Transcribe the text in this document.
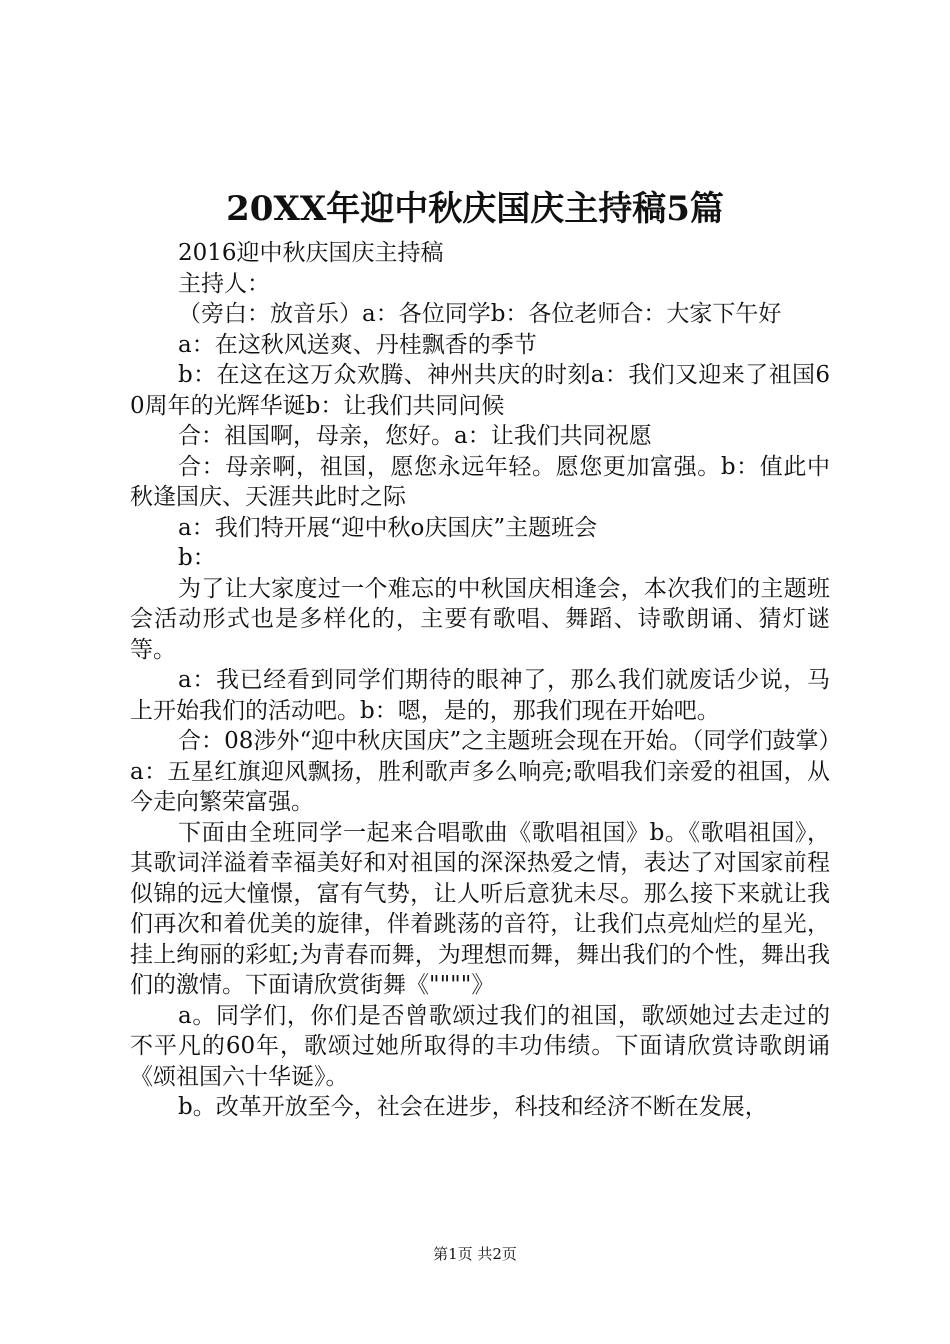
20XX年迎中秋庆国庆主持稿5篇

2016迎中秋庆国庆主持稿

主持人：

（旁白：放音乐）a：各位同学b：各位老师合：大家下午好

a：在这秋风送爽、丹桂飘香的季节

b：在这在这万众欢腾、神州共庆的时刻a：我们又迎来了祖国60周年的光辉华诞b：让我们共同问候

合：祖国啊，母亲，您好。a：让我们共同祝愿

合：母亲啊，祖国，愿您永远年轻。愿您更加富强。b：值此中秋逢国庆、天涯共此时之际

a：我们特开展“迎中秋o庆国庆”主题班会

b：

为了让大家度过一个难忘的中秋国庆相逢会，本次我们的主题班会活动形式也是多样化的，主要有歌唱、舞蹈、诗歌朗诵、猜灯谜等。

a：我已经看到同学们期待的眼神了，那么我们就废话少说，马上开始我们的活动吧。b：嗯，是的，那我们现在开始吧。

合：08涉外“迎中秋庆国庆”之主题班会现在开始。（同学们鼓掌）a：五星红旗迎风飘扬，胜利歌声多么响亮;歌唱我们亲爱的祖国，从今走向繁荣富强。

下面由全班同学一起来合唱歌曲《歌唱祖国》b。《歌唱祖国》，其歌词洋溢着幸福美好和对祖国的深深热爱之情，表达了对国家前程似锦的远大憧憬，富有气势，让人听后意犹未尽。那么接下来就让我们再次和着优美的旋律，伴着跳荡的音符，让我们点亮灿烂的星光，挂上绚丽的彩虹;为青春而舞，为理想而舞，舞出我们的个性，舞出我们的激情。下面请欣赏街舞《""""》

a。同学们，你们是否曾歌颂过我们的祖国，歌颂她过去走过的不平凡的60年，歌颂过她所取得的丰功伟绩。下面请欣赏诗歌朗诵《颂祖国六十华诞》。

b。改革开放至今，社会在进步，科技和经济不断在发展，

第1页 共2页
